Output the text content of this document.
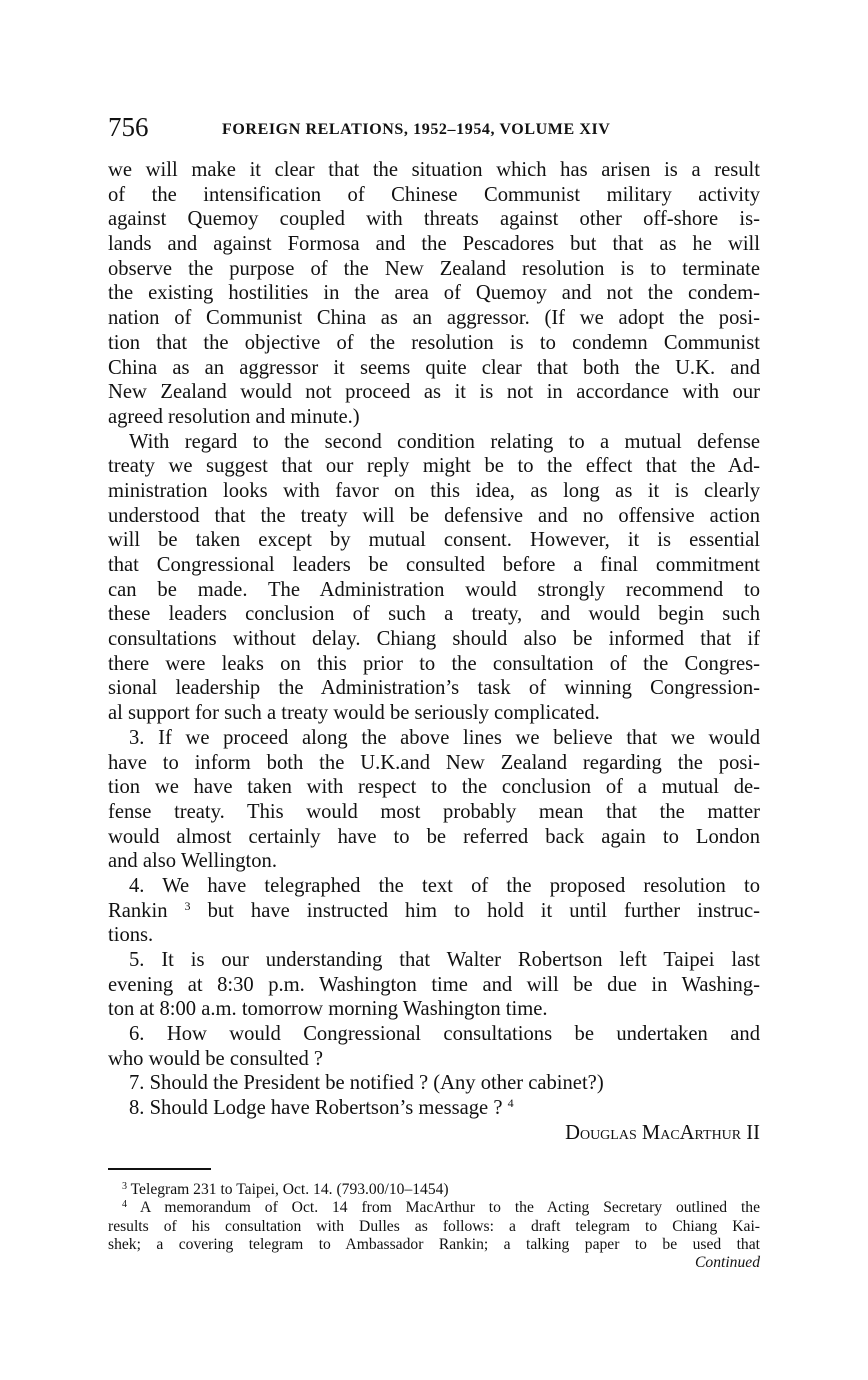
756	FOREIGN RELATIONS, 1952–1954, VOLUME XIV
we will make it clear that the situation which has arisen is a result
of the intensification of Chinese Communist military activity
against Quemoy coupled with threats against other off-shore is-
lands and against Formosa and the Pescadores but that as he will
observe the purpose of the New Zealand resolution is to terminate
the existing hostilities in the area of Quemoy and not the condem-
nation of Communist China as an aggressor. (If we adopt the posi-
tion that the objective of the resolution is to condemn Communist
China as an aggressor it seems quite clear that both the U.K. and
New Zealand would not proceed as it is not in accordance with our
agreed resolution and minute.)
With regard to the second condition relating to a mutual defense
treaty we suggest that our reply might be to the effect that the Ad-
ministration looks with favor on this idea, as long as it is clearly
understood that the treaty will be defensive and no offensive action
will be taken except by mutual consent. However, it is essential
that Congressional leaders be consulted before a final commitment
can be made. The Administration would strongly recommend to
these leaders conclusion of such a treaty, and would begin such
consultations without delay. Chiang should also be informed that if
there were leaks on this prior to the consultation of the Congres-
sional leadership the Administration’s task of winning Congression-
al support for such a treaty would be seriously complicated.
3. If we proceed along the above lines we believe that we would
have to inform both the U.K.and New Zealand regarding the posi-
tion we have taken with respect to the conclusion of a mutual de-
fense treaty. This would most probably mean that the matter
would almost certainly have to be referred back again to London
and also Wellington.
4. We have telegraphed the text of the proposed resolution to
Rankin $^3$ but have instructed him to hold it until further instruc-
tions.
5. It is our understanding that Walter Robertson left Taipei last
evening at 8:30 p.m. Washington time and will be due in Washing-
ton at 8:00 a.m. tomorrow morning Washington time.
6. How would Congressional consultations be undertaken and
who would be consulted ?
7. Should the President be notified ? (Any other cabinet?)
8. Should Lodge have Robertson’s message ? $^4$
Douglas MacArthur II
$^3$ Telegram 231 to Taipei, Oct. 14. (793.00/10–1454)
$^4$ A memorandum of Oct. 14 from MacArthur to the Acting Secretary outlined the
results of his consultation with Dulles as follows: a draft telegram to Chiang Kai-
shek; a covering telegram to Ambassador Rankin; a talking paper to be used that
Continued
